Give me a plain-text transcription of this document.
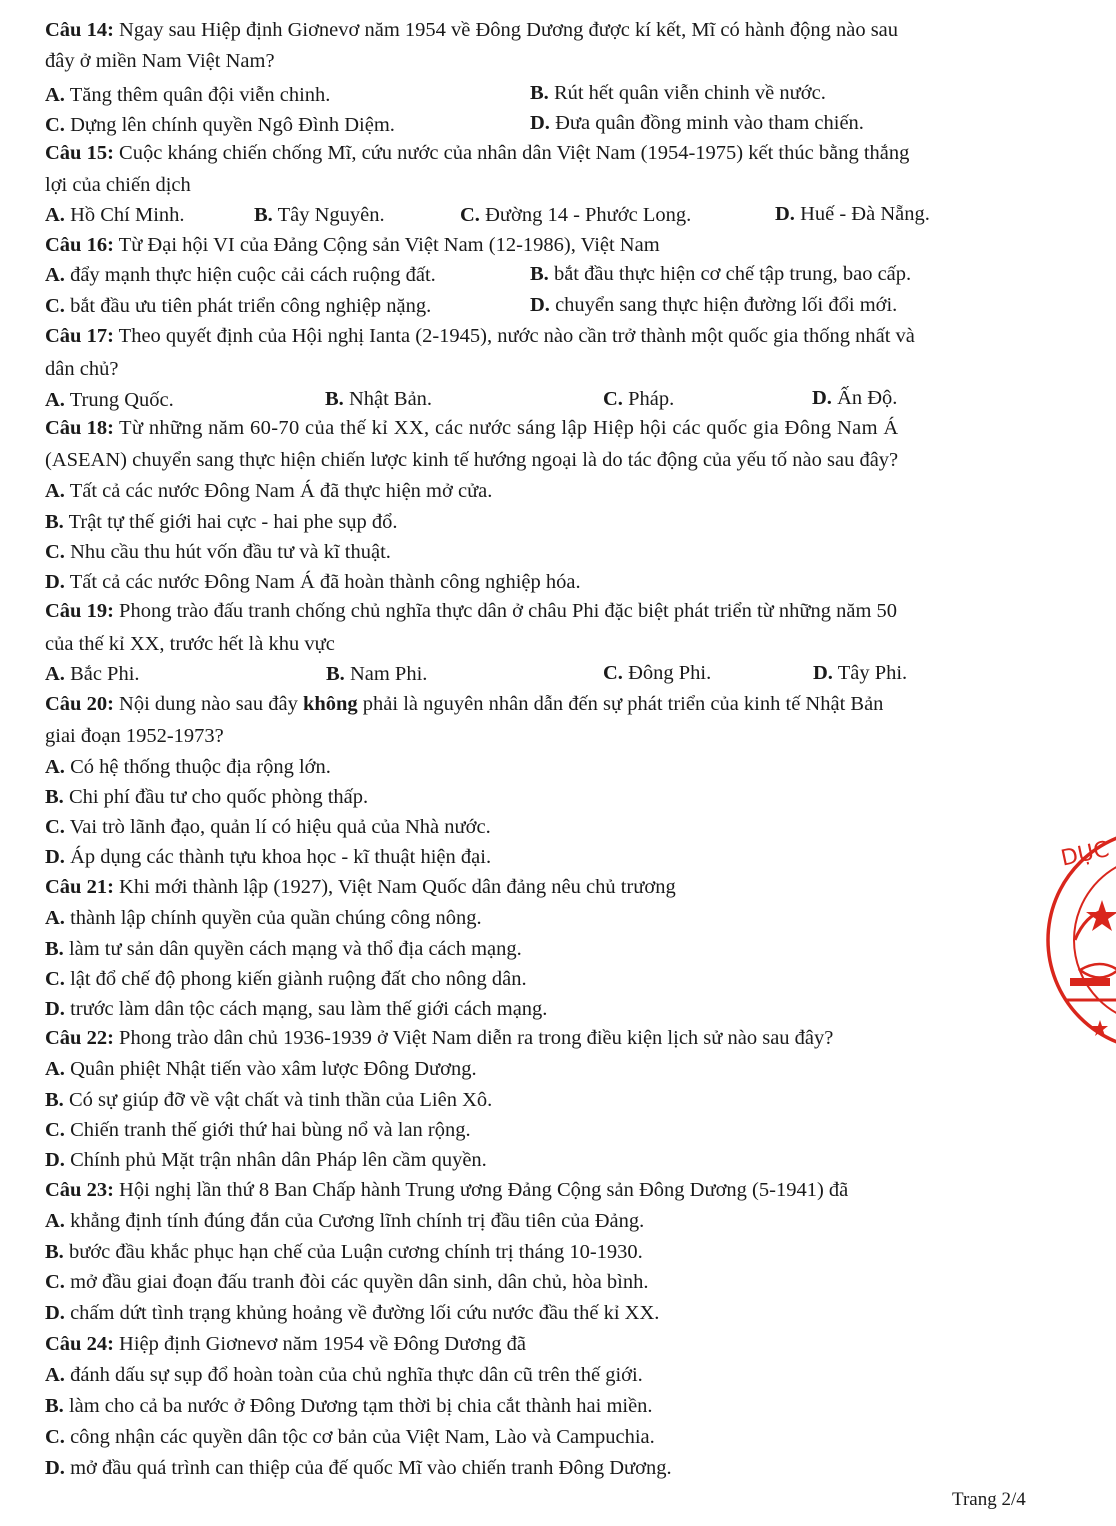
Câu 14: Ngay sau Hiệp định Giơnevơ năm 1954 về Đông Dương được kí kết, Mĩ có hành động nào sau
đây ở miền Nam Việt Nam?
A. Tăng thêm quân đội viễn chinh.	B. Rút hết quân viễn chinh về nước.
C. Dựng lên chính quyền Ngô Đình Diệm.	D. Đưa quân đồng minh vào tham chiến.
Câu 15: Cuộc kháng chiến chống Mĩ, cứu nước của nhân dân Việt Nam (1954-1975) kết thúc bằng thắng
lợi của chiến dịch
A. Hồ Chí Minh.	B. Tây Nguyên.	C. Đường 14 - Phước Long.	D. Huế - Đà Nẵng.
Câu 16: Từ Đại hội VI của Đảng Cộng sản Việt Nam (12-1986), Việt Nam
A. đẩy mạnh thực hiện cuộc cải cách ruộng đất.	B. bắt đầu thực hiện cơ chế tập trung, bao cấp.
C. bắt đầu ưu tiên phát triển công nghiệp nặng.	D. chuyển sang thực hiện đường lối đổi mới.
Câu 17: Theo quyết định của Hội nghị Ianta (2-1945), nước nào cần trở thành một quốc gia thống nhất và
dân chủ?
A. Trung Quốc.	B. Nhật Bản.	C. Pháp.	D. Ấn Độ.
Câu 18: Từ những năm 60-70 của thế kỉ XX, các nước sáng lập Hiệp hội các quốc gia Đông Nam Á
(ASEAN) chuyển sang thực hiện chiến lược kinh tế hướng ngoại là do tác động của yếu tố nào sau đây?
A. Tất cả các nước Đông Nam Á đã thực hiện mở cửa.
B. Trật tự thế giới hai cực - hai phe sụp đổ.
C. Nhu cầu thu hút vốn đầu tư và kĩ thuật.
D. Tất cả các nước Đông Nam Á đã hoàn thành công nghiệp hóa.
Câu 19: Phong trào đấu tranh chống chủ nghĩa thực dân ở châu Phi đặc biệt phát triển từ những năm 50
của thế kỉ XX, trước hết là khu vực
A. Bắc Phi.	B. Nam Phi.	C. Đông Phi.	D. Tây Phi.
Câu 20: Nội dung nào sau đây không phải là nguyên nhân dẫn đến sự phát triển của kinh tế Nhật Bản
giai đoạn 1952-1973?
A. Có hệ thống thuộc địa rộng lớn.
B. Chi phí đầu tư cho quốc phòng thấp.
C. Vai trò lãnh đạo, quản lí có hiệu quả của Nhà nước.
D. Áp dụng các thành tựu khoa học - kĩ thuật hiện đại.
Câu 21: Khi mới thành lập (1927), Việt Nam Quốc dân đảng nêu chủ trương
A. thành lập chính quyền của quần chúng công nông.
B. làm tư sản dân quyền cách mạng và thổ địa cách mạng.
C. lật đổ chế độ phong kiến giành ruộng đất cho nông dân.
D. trước làm dân tộc cách mạng, sau làm thế giới cách mạng.
Câu 22: Phong trào dân chủ 1936-1939 ở Việt Nam diễn ra trong điều kiện lịch sử nào sau đây?
A. Quân phiệt Nhật tiến vào xâm lược Đông Dương.
B. Có sự giúp đỡ về vật chất và tinh thần của Liên Xô.
C. Chiến tranh thế giới thứ hai bùng nổ và lan rộng.
D. Chính phủ Mặt trận nhân dân Pháp lên cầm quyền.
Câu 23: Hội nghị lần thứ 8 Ban Chấp hành Trung ương Đảng Cộng sản Đông Dương (5-1941) đã
A. khẳng định tính đúng đắn của Cương lĩnh chính trị đầu tiên của Đảng.
B. bước đầu khắc phục hạn chế của Luận cương chính trị tháng 10-1930.
C. mở đầu giai đoạn đấu tranh đòi các quyền dân sinh, dân chủ, hòa bình.
D. chấm dứt tình trạng khủng hoảng về đường lối cứu nước đầu thế kỉ XX.
Câu 24: Hiệp định Giơnevơ năm 1954 về Đông Dương đã
A. đánh dấu sự sụp đổ hoàn toàn của chủ nghĩa thực dân cũ trên thế giới.
B. làm cho cả ba nước ở Đông Dương tạm thời bị chia cắt thành hai miền.
C. công nhận các quyền dân tộc cơ bản của Việt Nam, Lào và Campuchia.
D. mở đầu quá trình can thiệp của đế quốc Mĩ vào chiến tranh Đông Dương.
Trang 2/4
DỤC
